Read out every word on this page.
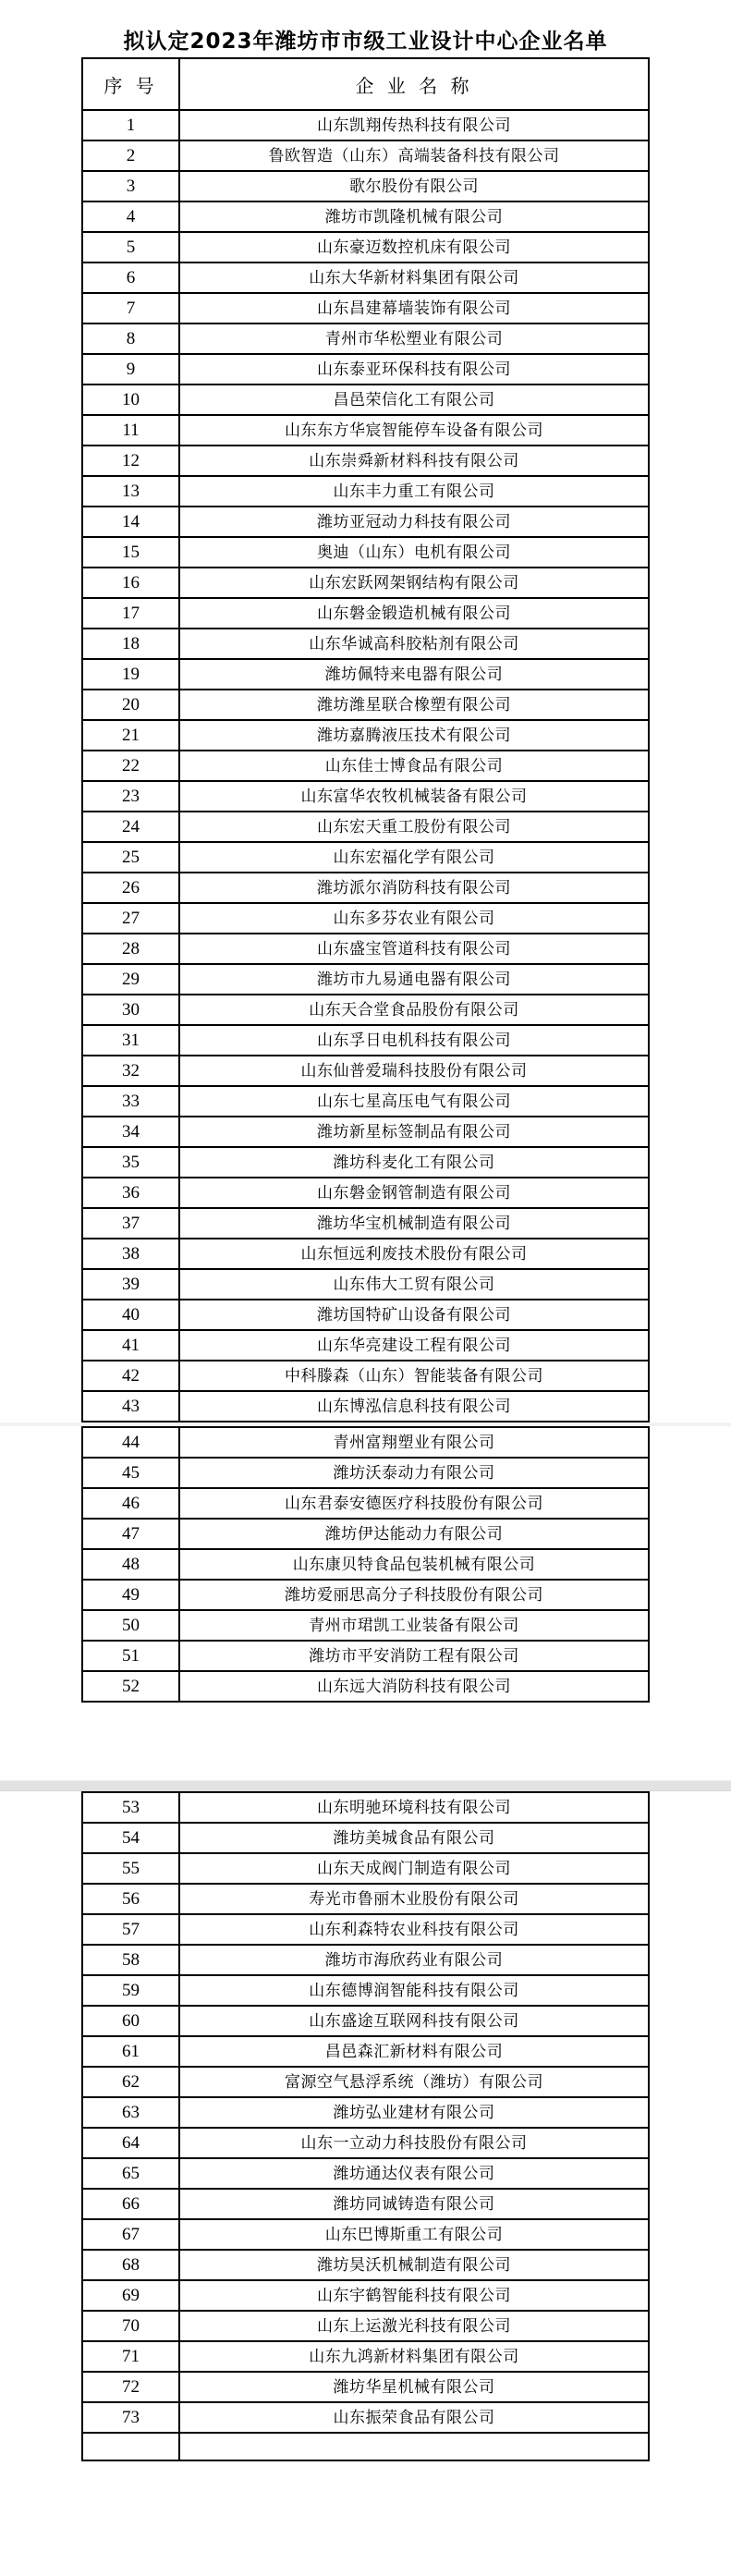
拟认定2023年潍坊市市级工业设计中心企业名单
序 号	企 业 名 称
1	山东凯翔传热科技有限公司
2	鲁欧智造（山东）高端装备科技有限公司
3	歌尔股份有限公司
4	潍坊市凯隆机械有限公司
5	山东豪迈数控机床有限公司
6	山东大华新材料集团有限公司
7	山东昌建幕墙装饰有限公司
8	青州市华松塑业有限公司
9	山东泰亚环保科技有限公司
10	昌邑荣信化工有限公司
11	山东东方华宸智能停车设备有限公司
12	山东崇舜新材料科技有限公司
13	山东丰力重工有限公司
14	潍坊亚冠动力科技有限公司
15	奥迪（山东）电机有限公司
16	山东宏跃网架钢结构有限公司
17	山东磐金锻造机械有限公司
18	山东华诚高科胶粘剂有限公司
19	潍坊佩特来电器有限公司
20	潍坊潍星联合橡塑有限公司
21	潍坊嘉腾液压技术有限公司
22	山东佳士博食品有限公司
23	山东富华农牧机械装备有限公司
24	山东宏天重工股份有限公司
25	山东宏福化学有限公司
26	潍坊派尔消防科技有限公司
27	山东多芬农业有限公司
28	山东盛宝管道科技有限公司
29	潍坊市九易通电器有限公司
30	山东天合堂食品股份有限公司
31	山东孚日电机科技有限公司
32	山东仙普爱瑞科技股份有限公司
33	山东七星高压电气有限公司
34	潍坊新星标签制品有限公司
35	潍坊科麦化工有限公司
36	山东磐金钢管制造有限公司
37	潍坊华宝机械制造有限公司
38	山东恒远利废技术股份有限公司
39	山东伟大工贸有限公司
40	潍坊国特矿山设备有限公司
41	山东华亮建设工程有限公司
42	中科滕森（山东）智能装备有限公司
43	山东博泓信息科技有限公司
44	青州富翔塑业有限公司
45	潍坊沃泰动力有限公司
46	山东君泰安德医疗科技股份有限公司
47	潍坊伊达能动力有限公司
48	山东康贝特食品包装机械有限公司
49	潍坊爱丽思高分子科技股份有限公司
50	青州市珺凯工业装备有限公司
51	潍坊市平安消防工程有限公司
52	山东远大消防科技有限公司
53	山东明驰环境科技有限公司
54	潍坊美城食品有限公司
55	山东天成阀门制造有限公司
56	寿光市鲁丽木业股份有限公司
57	山东利森特农业科技有限公司
58	潍坊市海欣药业有限公司
59	山东德博润智能科技有限公司
60	山东盛途互联网科技有限公司
61	昌邑森汇新材料有限公司
62	富源空气悬浮系统（潍坊）有限公司
63	潍坊弘业建材有限公司
64	山东一立动力科技股份有限公司
65	潍坊通达仪表有限公司
66	潍坊同诚铸造有限公司
67	山东巴博斯重工有限公司
68	潍坊昊沃机械制造有限公司
69	山东宇鹤智能科技有限公司
70	山东上运激光科技有限公司
71	山东九鸿新材料集团有限公司
72	潍坊华星机械有限公司
73	山东振荣食品有限公司
